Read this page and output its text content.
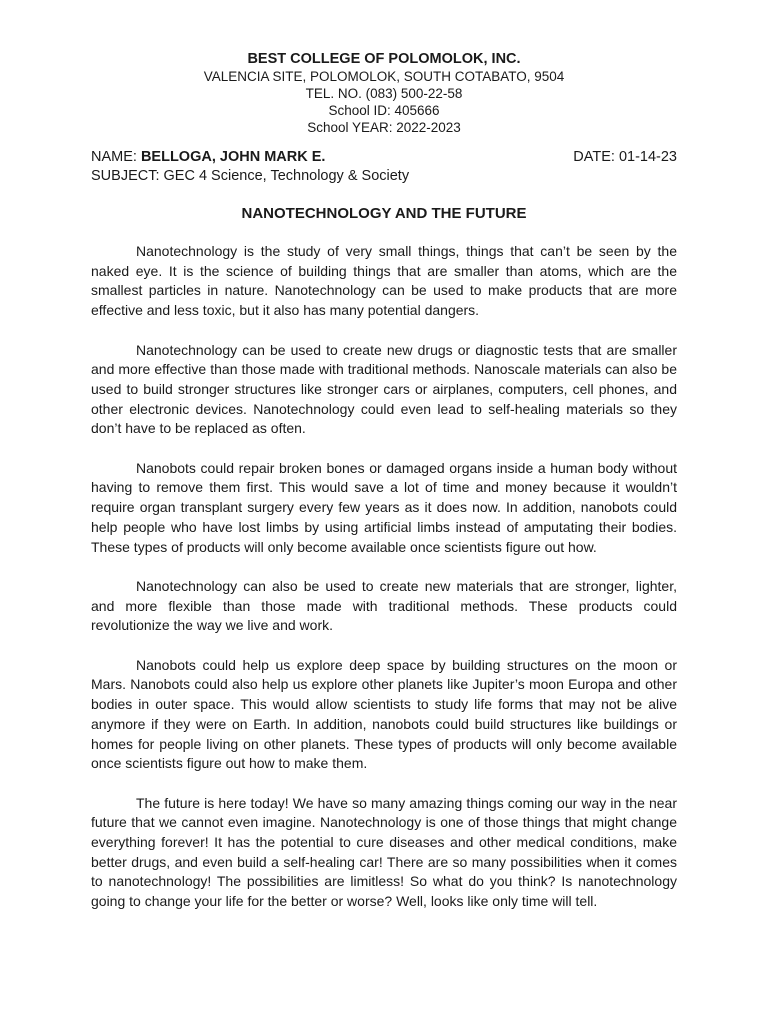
BEST COLLEGE OF POLOMOLOK, INC.

VALENCIA SITE, POLOMOLOK, SOUTH COTABATO, 9504

TEL. NO. (083) 500-22-58

School ID: 405666

School YEAR: 2022-2023

NAME: BELLOGA, JOHN MARK E.	DATE: 01-14-23
SUBJECT: GEC 4 Science, Technology & Society
NANOTECHNOLOGY AND THE FUTURE

Nanotechnology is the study of very small things, things that can’t be seen by the naked eye. It is the science of building things that are smaller than atoms, which are the smallest particles in nature. Nanotechnology can be used to make products that are more effective and less toxic, but it also has many potential dangers.

Nanotechnology can be used to create new drugs or diagnostic tests that are smaller and more effective than those made with traditional methods. Nanoscale materials can also be used to build stronger structures like stronger cars or airplanes, computers, cell phones, and other electronic devices. Nanotechnology could even lead to self-healing materials so they don’t have to be replaced as often.

Nanobots could repair broken bones or damaged organs inside a human body without having to remove them first. This would save a lot of time and money because it wouldn’t require organ transplant surgery every few years as it does now. In addition, nanobots could help people who have lost limbs by using artificial limbs instead of amputating their bodies. These types of products will only become available once scientists figure out how.

Nanotechnology can also be used to create new materials that are stronger, lighter, and more flexible than those made with traditional methods. These products could revolutionize the way we live and work.

Nanobots could help us explore deep space by building structures on the moon or Mars. Nanobots could also help us explore other planets like Jupiter’s moon Europa and other bodies in outer space. This would allow scientists to study life forms that may not be alive anymore if they were on Earth. In addition, nanobots could build structures like buildings or homes for people living on other planets. These types of products will only become available once scientists figure out how to make them.

The future is here today! We have so many amazing things coming our way in the near future that we cannot even imagine. Nanotechnology is one of those things that might change everything forever! It has the potential to cure diseases and other medical conditions, make better drugs, and even build a self-healing car! There are so many possibilities when it comes to nanotechnology! The possibilities are limitless! So what do you think? Is nanotechnology going to change your life for the better or worse? Well, looks like only time will tell.
